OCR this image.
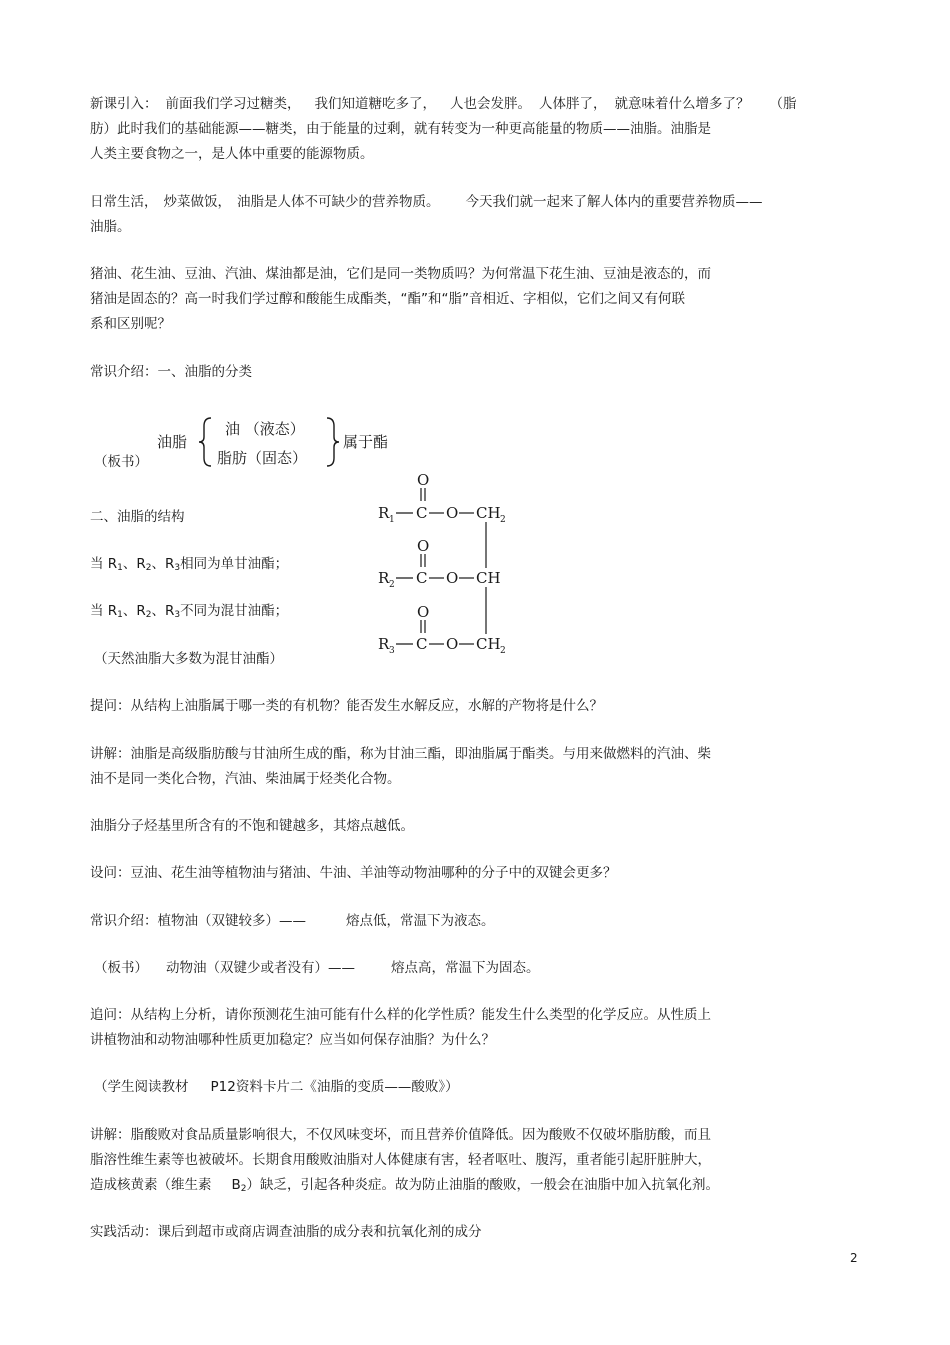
新课引入： 前面我们学习过糖类， 我们知道糖吃多了， 人也会发胖。 人体胖了， 就意味着什么增多了？ （脂
肪）此时我们的基础能源——糖类，由于能量的过剩，就有转变为一种更高能量的物质——油脂。油脂是
人类主要食物之一，是人体中重要的能源物质。
日常生活， 炒菜做饭， 油脂是人体不可缺少的营养物质。 今天我们就一起来了解人体内的重要营养物质——
油脂。
猪油、花生油、豆油、汽油、煤油都是油，它们是同一类物质吗？为何常温下花生油、豆油是液态的，而
猪油是固态的？高一时我们学过醇和酸能生成酯类，“酯”和“脂”音相近、字相似，它们之间又有何联
系和区别呢？
常识介绍：一、油脂的分类
（板书）
油脂
油 （液态）
脂肪（固态）
属于酯
二、油脂的结构
当 R1、R2、R3相同为单甘油酯；
当 R1、R2、R3不同为混甘油酯；
（天然油脂大多数为混甘油酯）
O
R 1 C O CH 2
O
R 2 C O CH
O
R 3 C O CH 2
提问：从结构上油脂属于哪一类的有机物？能否发生水解反应，水解的产物将是什么？
讲解：油脂是高级脂肪酸与甘油所生成的酯，称为甘油三酯，即油脂属于酯类。与用来做燃料的汽油、柴
油不是同一类化合物，汽油、柴油属于烃类化合物。
油脂分子烃基里所含有的不饱和键越多，其熔点越低。
设问：豆油、花生油等植物油与猪油、牛油、羊油等动物油哪种的分子中的双键会更多？
常识介绍：植物油（双键较多）——	熔点低，常温下为液态。
（板书） 动物油（双键少或者没有）——	熔点高，常温下为固态。
追问：从结构上分析，请你预测花生油可能有什么样的化学性质？能发生什么类型的化学反应。从性质上
讲植物油和动物油哪种性质更加稳定？应当如何保存油脂？为什么？
（学生阅读教材 P12资料卡片二《油脂的变质——酸败》）
讲解：脂酸败对食品质量影响很大，不仅风味变坏，而且营养价值降低。因为酸败不仅破坏脂肪酸，而且
脂溶性维生素等也被破坏。长期食用酸败油脂对人体健康有害，轻者呕吐、腹泻，重者能引起肝脏肿大，
造成核黄素（维生素 B2）缺乏，引起各种炎症。故为防止油脂的酸败，一般会在油脂中加入抗氧化剂。
实践活动：课后到超市或商店调查油脂的成分表和抗氧化剂的成分
2
